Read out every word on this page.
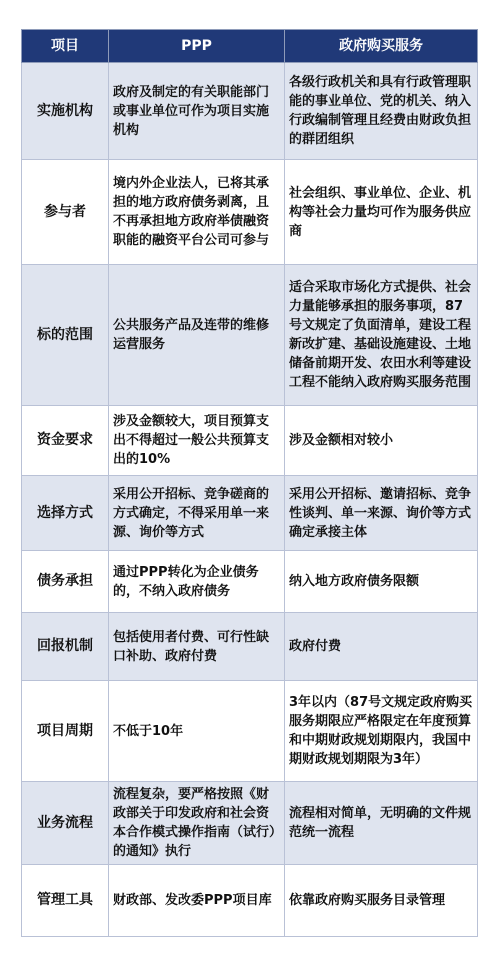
项目	PPP	政府购买服务
实施机构	政府及制定的有关职能部门或事业单位可作为项目实施机构	各级行政机关和具有行政管理职能的事业单位、党的机关、纳入行政编制管理且经费由财政负担的群团组织
参与者	境内外企业法人，已将其承担的地方政府债务剥离，且不再承担地方政府举债融资职能的融资平台公司可参与	社会组织、事业单位、企业、机构等社会力量均可作为服务供应商
标的范围	公共服务产品及连带的维修运营服务	适合采取市场化方式提供、社会力量能够承担的服务事项，87号文规定了负面清单，建设工程新改扩建、基础设施建设、土地储备前期开发、农田水利等建设工程不能纳入政府购买服务范围
资金要求	涉及金额较大，项目预算支出不得超过一般公共预算支出的10%	涉及金额相对较小
选择方式	采用公开招标、竞争磋商的方式确定，不得采用单一来源、询价等方式	采用公开招标、邀请招标、竞争性谈判、单一来源、询价等方式确定承接主体
债务承担	通过PPP转化为企业债务的，不纳入政府债务	纳入地方政府债务限额
回报机制	包括使用者付费、可行性缺口补助、政府付费	政府付费
项目周期	不低于10年	3年以内（87号文规定政府购买服务期限应严格限定在年度预算和中期财政规划期限内，我国中期财政规划期限为3年）
业务流程	流程复杂，要严格按照《财政部关于印发政府和社会资本合作模式操作指南（试行）的通知》执行	流程相对简单，无明确的文件规范统一流程
管理工具	财政部、发改委PPP项目库	依靠政府购买服务目录管理
